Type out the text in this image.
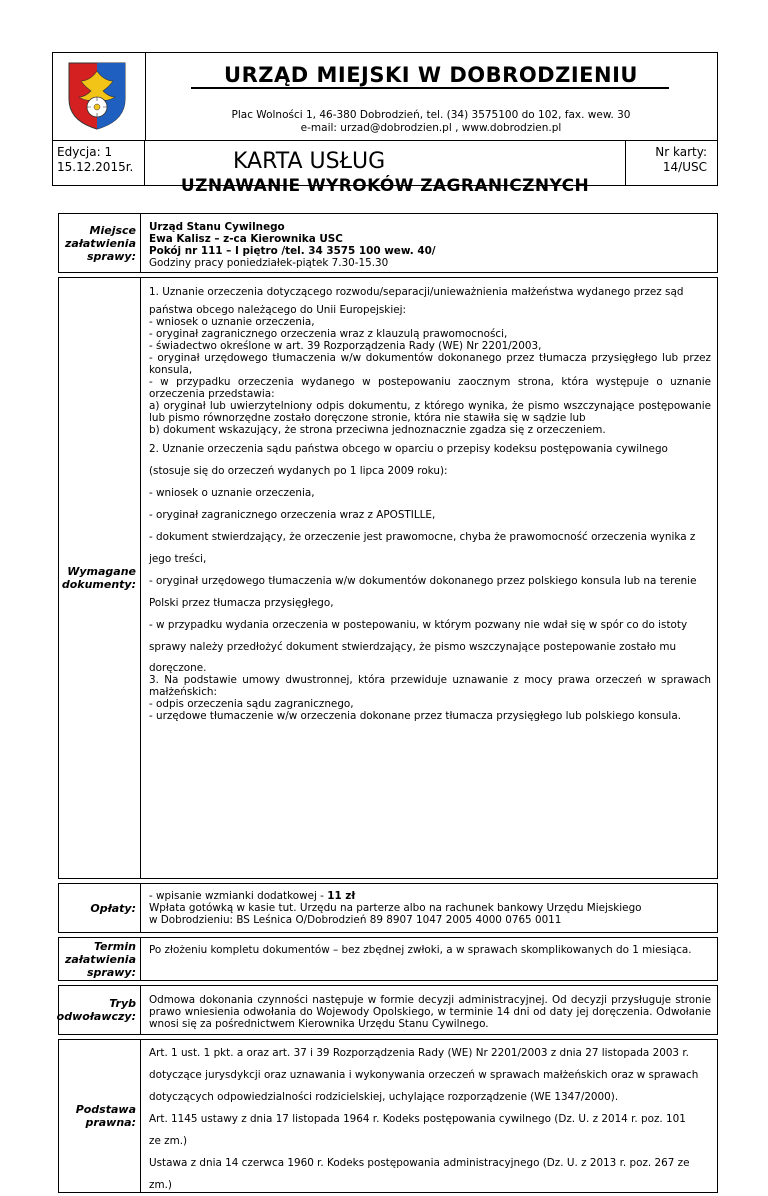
URZĄD MIEJSKI W DOBRODZIENIU
Plac Wolności 1, 46-380 Dobrodzień, tel. (34) 3575100 do 102, fax. wew. 30
e-mail: urzad@dobrodzien.pl , www.dobrodzien.pl
Edycja: 1
15.12.2015r.	KARTA USŁUG	Nr karty:
14/USC
UZNAWANIE WYROKÓW ZAGRANICZNYCH
Miejsce załatwienia sprawy:

Urząd Stanu Cywilnego

Ewa Kalisz – z-ca Kierownika USC

Pokój nr 111 – I piętro /tel. 34 3575 100 wew. 40/

Godziny pracy poniedziałek-piątek 7.30-15.30

Wymagane dokumenty:

1. Uznanie orzeczenia dotyczącego rozwodu/separacji/unieważnienia małżeństwa wydanego przez sąd

państwa obcego należącego do Unii Europejskiej:

- wniosek o uznanie orzeczenia,

- oryginał zagranicznego orzeczenia wraz z klauzulą prawomocności,

- świadectwo określone w art. 39 Rozporządzenia Rady (WE) Nr 2201/2003,

- oryginał urzędowego tłumaczenia w/w dokumentów dokonanego przez tłumacza przysięgłego lub przez konsula,

- w przypadku orzeczenia wydanego w postepowaniu zaocznym strona, która występuje o uznanie orzeczenia przedstawia:

a) oryginał lub uwierzytelniony odpis dokumentu, z którego wynika, że pismo wszczynające postępowanie lub pismo równorzędne zostało doręczone stronie, która nie stawiła się w sądzie lub

b) dokument wskazujący, że strona przeciwna jednoznacznie zgadza się z orzeczeniem.

2. Uznanie orzeczenia sądu państwa obcego w oparciu o przepisy kodeksu postępowania cywilnego

(stosuje się do orzeczeń wydanych po 1 lipca 2009 roku):

- wniosek o uznanie orzeczenia,

- oryginał zagranicznego orzeczenia wraz z APOSTILLE,

- dokument stwierdzający, że orzeczenie jest prawomocne, chyba że prawomocność orzeczenia wynika z

jego treści,

- oryginał urzędowego tłumaczenia w/w dokumentów dokonanego przez polskiego konsula lub na terenie

Polski przez tłumacza przysięgłego,

- w przypadku wydania orzeczenia w postepowaniu, w którym pozwany nie wdał się w spór co do istoty

sprawy należy przedłożyć dokument stwierdzający, że pismo wszczynające postepowanie zostało mu

doręczone.

3. Na podstawie umowy dwustronnej, która przewiduje uznawanie z mocy prawa orzeczeń w sprawach małżeńskich:

- odpis orzeczenia sądu zagranicznego,

- urzędowe tłumaczenie w/w orzeczenia dokonane przez tłumacza przysięgłego lub polskiego konsula.

Opłaty:

- wpisanie wzmianki dodatkowej - 11 zł

Wpłata gotówką w kasie tut. Urzędu na parterze albo na rachunek bankowy Urzędu Miejskiego

w Dobrodzieniu: BS Leśnica O/Dobrodzień 89 8907 1047 2005 4000 0765 0011

Termin załatwienia sprawy:
Po złożeniu kompletu dokumentów – bez zbędnej zwłoki, a w sprawach skomplikowanych do 1 miesiąca.
Tryb odwoławczy:
Odmowa dokonania czynności następuje w formie decyzji administracyjnej. Od decyzji przysługuje stronie prawo wniesienia odwołania do Wojewody Opolskiego, w terminie 14 dni od daty jej doręczenia. Odwołanie wnosi się za pośrednictwem Kierownika Urzędu Stanu Cywilnego.
Podstawa prawna:

Art. 1 ust. 1 pkt. a oraz art. 37 i 39 Rozporządzenia Rady (WE) Nr 2201/2003 z dnia 27 listopada 2003 r.

dotyczące jurysdykcji oraz uznawania i wykonywania orzeczeń w sprawach małżeńskich oraz w sprawach

dotyczących odpowiedzialności rodzicielskiej, uchylające rozporządzenie (WE 1347/2000).

Art. 1145 ustawy z dnia 17 listopada 1964 r. Kodeks postępowania cywilnego (Dz. U. z 2014 r. poz. 101

ze zm.)

Ustawa z dnia 14 czerwca 1960 r. Kodeks postępowania administracyjnego (Dz. U. z 2013 r. poz. 267 ze

zm.)
